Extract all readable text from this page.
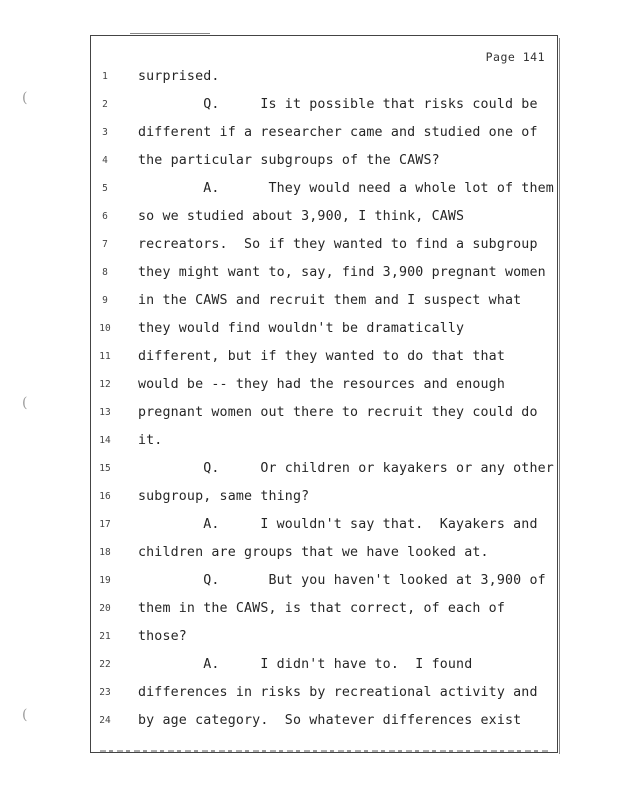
Page 141
(
(
(
1	surprised.
2	Q.     Is it possible that risks could be
3	different if a researcher came and studied one of
4	the particular subgroups of the CAWS?
5	A.      They would need a whole lot of them
6	so we studied about 3,900, I think, CAWS
7	recreators.  So if they wanted to find a subgroup
8	they might want to, say, find 3,900 pregnant women
9	in the CAWS and recruit them and I suspect what
10 they would find wouldn't be dramatically
11 different, but if they wanted to do that that
12 would be -- they had the resources and enough
13 pregnant women out there to recruit they could do
14 it.
15 Q.     Or children or kayakers or any other
16 subgroup, same thing?
17 A.     I wouldn't say that.  Kayakers and
18 children are groups that we have looked at.
19 Q.      But you haven't looked at 3,900 of
20 them in the CAWS, is that correct, of each of
21 those?
22 A.     I didn't have to.  I found
23 differences in risks by recreational activity and
24 by age category.  So whatever differences exist
